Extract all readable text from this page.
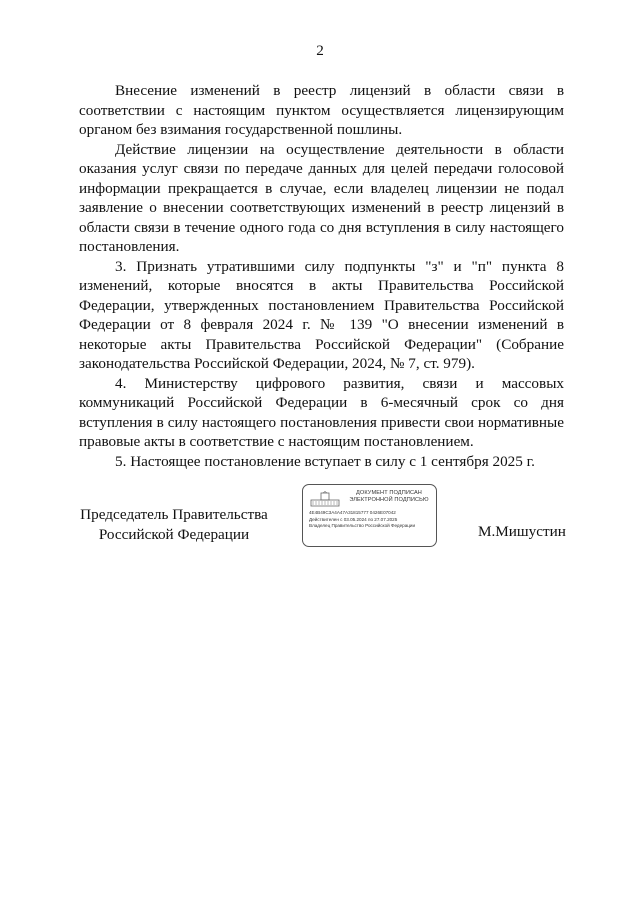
2

Внесение изменений в реестр лицензий в области связи в соответствии с настоящим пунктом осуществляется лицензирующим органом без взимания государственной пошлины.

Действие лицензии на осуществление деятельности в области оказания услуг связи по передаче данных для целей передачи голосовой информации прекращается в случае, если владелец лицензии не подал заявление о внесении соответствующих изменений в реестр лицензий в области связи в течение одного года со дня вступления в силу настоящего постановления.

3. Признать утратившими силу подпункты "з" и "п" пункта 8 изменений, которые вносятся в акты Правительства Российской Федерации, утвержденных постановлением Правительства Российской Федерации от 8 февраля 2024 г. № 139 "О внесении изменений в некоторые акты Правительства Российской Федерации" (Собрание законодательства Российской Федерации, 2024, № 7, ст. 979).

4. Министерству цифрового развития, связи и массовых коммуникаций Российской Федерации в 6-месячный срок со дня вступления в силу настоящего постановления привести свои нормативные правовые акты в соответствие с настоящим постановлением.

5. Настоящее постановление вступает в силу с 1 сентября 2025 г.

Председатель Правительства
Российской Федерации
ДОКУМЕНТ ПОДПИСАН
ЭЛЕКТРОННОЙ ПОДПИСЬЮ
4E4B49C3A4A47A31815777 0426E07042
Действителен с 03.05.2024 по 27.07.2025
Владелец Правительство Российской Федерации	М.Мишустин
